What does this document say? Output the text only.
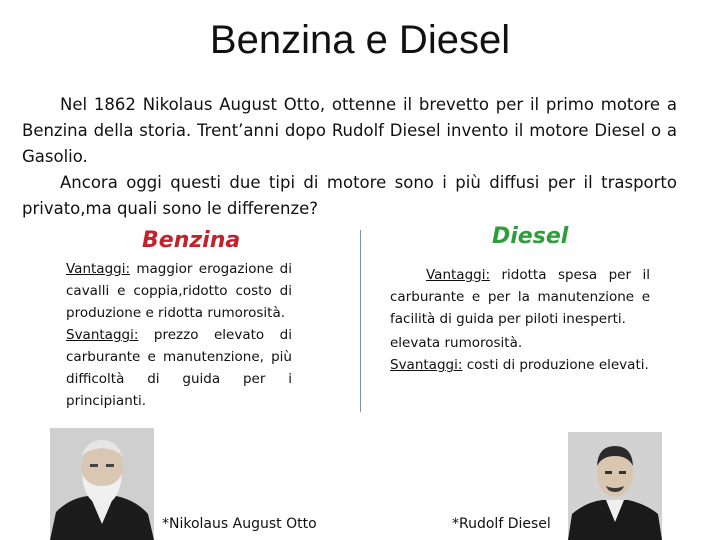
Benzina e Diesel

Nel 1862 Nikolaus August Otto, ottenne il brevetto per il primo motore a Benzina della storia. Trent’anni dopo Rudolf Diesel invento il motore Diesel o a Gasolio.

Ancora oggi questi due tipi di motore sono i più diffusi per il trasporto privato,ma quali sono le differenze?

Benzina	Diesel

Vantaggi: maggior erogazione di cavalli e coppia,ridotto costo di produzione e ridotta rumorosità.

Svantaggi: prezzo elevato di carburante e manutenzione, più difficoltà di guida per i principianti.

Vantaggi: ridotta spesa per il carburante e per la manutenzione e facilità di guida per piloti inesperti.

elevata rumorosità.

Svantaggi: costi di produzione elevati.

*Nikolaus August Otto	*Rudolf Diesel
